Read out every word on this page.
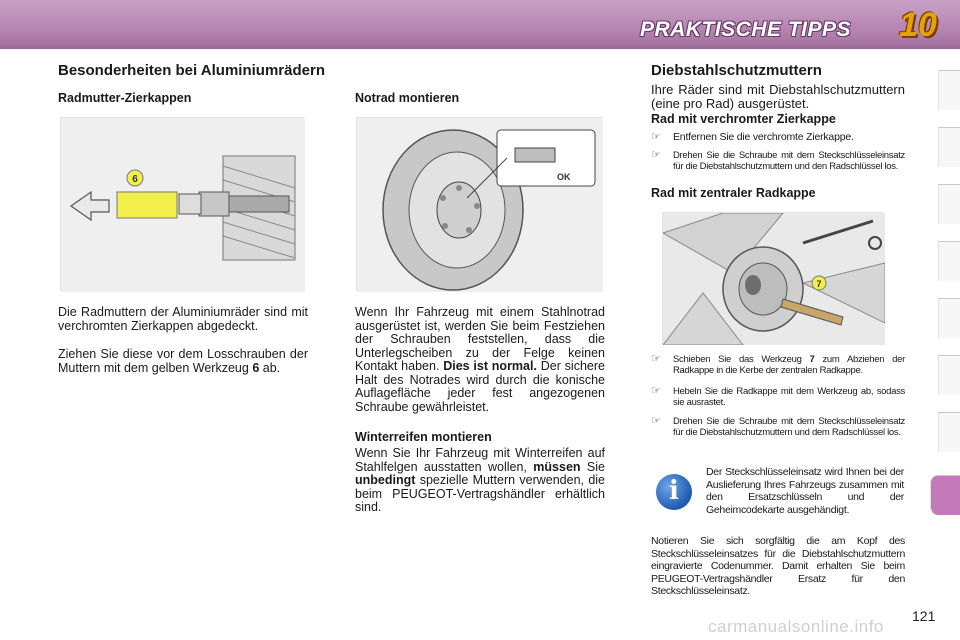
PRAKTISCHE TIPPS 10
Besonderheiten bei Aluminiumrädern
Radmutter-Zierkappen
6
Die Radmuttern der Aluminiumräder sind mit verchromten Zierkappen abgedeckt.
Ziehen Sie diese vor dem Losschrauben der Muttern mit dem gelben Werkzeug 6 ab.
Notrad montieren
OK
Wenn Ihr Fahrzeug mit einem Stahlnotrad ausgerüstet ist, werden Sie beim Festziehen der Schrauben feststellen, dass die Unterlegscheiben zu der Felge keinen Kontakt haben. Dies ist normal. Der sichere Halt des Notrades wird durch die konische Auflagefläche jeder fest angezogenen Schraube gewährleistet.
Winterreifen montieren
Wenn Sie Ihr Fahrzeug mit Winterreifen auf Stahlfelgen ausstatten wollen, müssen Sie unbedingt spezielle Muttern verwenden, die beim PEUGEOT-Vertragshändler erhältlich sind.
Diebstahlschutzmuttern
Ihre Räder sind mit Diebstahlschutzmuttern (eine pro Rad) ausgerüstet.
Rad mit verchromter Zierkappe
☞	Entfernen Sie die verchromte Zierkappe.
☞	Drehen Sie die Schraube mit dem Steckschlüsseleinsatz für die Diebstahlschutzmuttern und den Radschlüssel los.
Rad mit zentraler Radkappe
7
☞	Schieben Sie das Werkzeug 7 zum Abziehen der Radkappe in die Kerbe der zentralen Radkappe.
☞	Hebeln Sie die Radkappe mit dem Werkzeug ab, sodass sie ausrastet.
☞	Drehen Sie die Schraube mit dem Steckschlüsseleinsatz für die Diebstahlschutzmuttern und dem Radschlüssel los.
i
Der Steckschlüsseleinsatz wird Ihnen bei der Auslieferung Ihres Fahrzeugs zusammen mit den Ersatzschlüsseln und der Geheimcodekarte ausgehändigt.
Notieren Sie sich sorgfältig die am Kopf des Steckschlüsseleinsatzes für die Diebstahlschutzmuttern eingravierte Codenummer. Damit erhalten Sie beim PEUGEOT-Vertragshändler Ersatz für den Steckschlüsseleinsatz.
121
carmanualsonline.info
